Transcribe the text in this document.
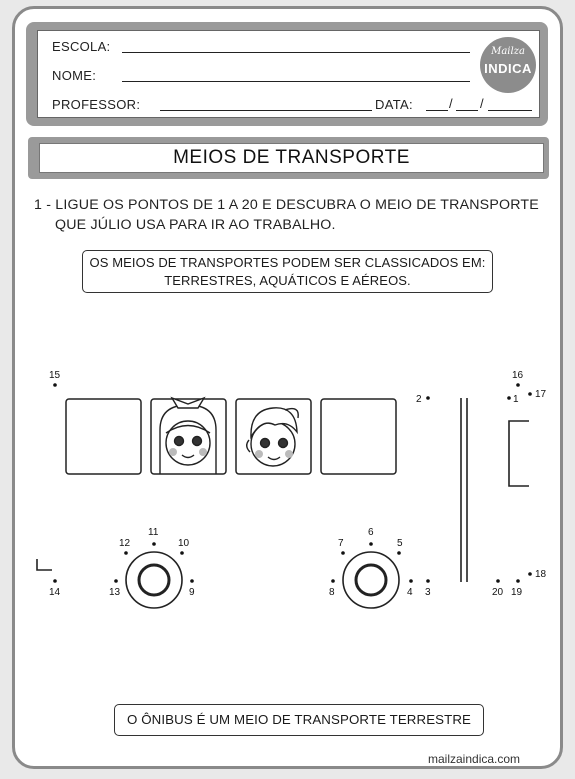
ESCOLA:
NOME:
PROFESSOR:	DATA:	/ /
Mailza
INDICA
MEIOS DE TRANSPORTE
1 - LIGUE OS PONTOS DE 1 A 20 E DESCUBRA O MEIO DE TRANSPORTE
QUE JÚLIO USA PARA IR AO TRABALHO.
OS MEIOS DE TRANSPORTES PODEM SER CLASSICADOS EM:
TERRESTRES, AQUÁTICOS E AÉREOS.
1
2
3
4
5
6
7
8
9
10
11
12
13
14
15	16
17
18
19
20
O ÔNIBUS É UM MEIO DE TRANSPORTE TERRESTRE
mailzaindica.com
